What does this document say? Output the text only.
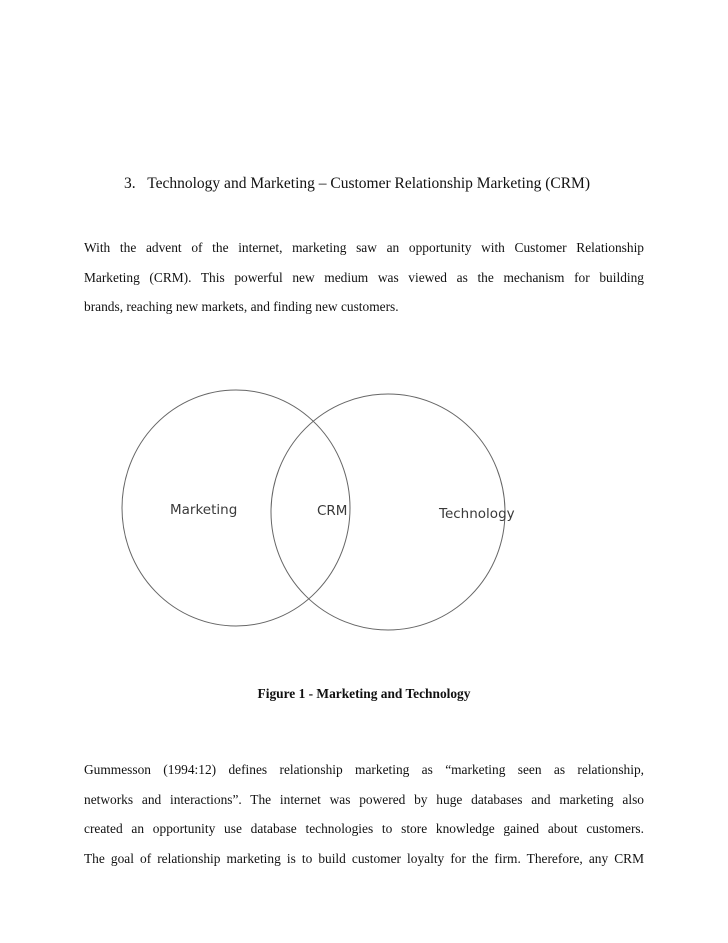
3. Technology and Marketing – Customer Relationship Marketing (CRM)
With the advent of the internet, marketing saw an opportunity with Customer Relationship
Marketing (CRM). This powerful new medium was viewed as the mechanism for building
brands, reaching new markets, and finding new customers.
Marketing	CRM	Technology
Figure 1 - Marketing and Technology
Gummesson (1994:12) defines relationship marketing as “marketing seen as relationship,
networks and interactions”. The internet was powered by huge databases and marketing also
created an opportunity use database technologies to store knowledge gained about customers.
The goal of relationship marketing is to build customer loyalty for the firm. Therefore, any CRM
